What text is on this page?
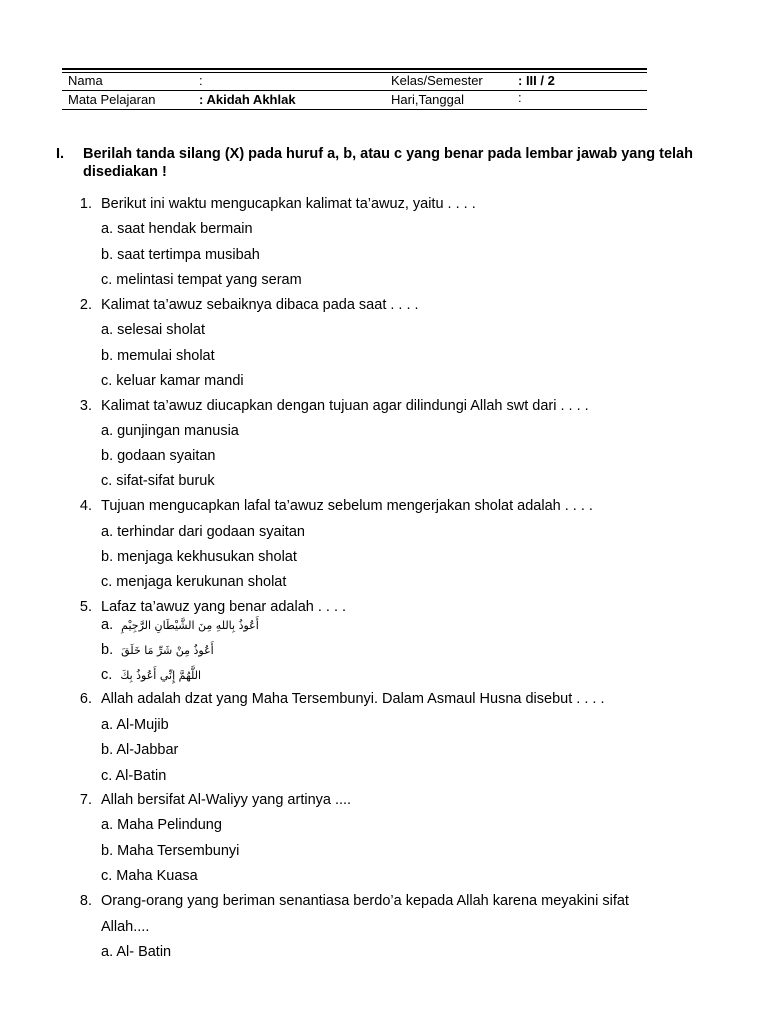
Nama	:	Kelas/Semester	: III / 2
Mata Pelajaran	: Akidah Akhlak	Hari,Tanggal	:
I. Berilah tanda silang (X) pada huruf a, b, atau c yang benar pada lembar jawab yang telah disediakan !
1. Berikut ini waktu mengucapkan kalimat ta’awuz, yaitu . . . .
a. saat hendak bermain
b. saat tertimpa musibah
c. melintasi tempat yang seram
2. Kalimat ta’awuz sebaiknya dibaca pada saat . . . .
a. selesai sholat
b. memulai sholat
c. keluar kamar mandi
3. Kalimat ta’awuz diucapkan dengan tujuan agar dilindungi Allah swt dari . . . .
a. gunjingan manusia
b. godaan syaitan
c. sifat-sifat buruk
4. Tujuan mengucapkan lafal ta’awuz sebelum mengerjakan sholat adalah . . . .
a. terhindar dari godaan syaitan
b. menjaga kekhusukan sholat
c. menjaga kerukunan sholat
5. Lafaz ta’awuz yang benar adalah . . . .
a. أَعُوذُ بِاللهِ مِنَ الشَّيْطَانِ الرَّجِيْمِ
b. أَعُوذُ مِنْ شَرِّ مَا خَلَقَ
c. اللَّهُمَّ إِنِّي أَعُوذُ بِكَ
6. Allah adalah dzat yang Maha Tersembunyi. Dalam Asmaul Husna disebut . . . .
a. Al-Mujib
b. Al-Jabbar
c. Al-Batin
7. Allah bersifat Al-Waliyy yang artinya ....
a. Maha Pelindung
b. Maha Tersembunyi
c. Maha Kuasa
8. Orang-orang yang beriman senantiasa berdo’a kepada Allah karena meyakini sifat
Allah....
a. Al- Batin
